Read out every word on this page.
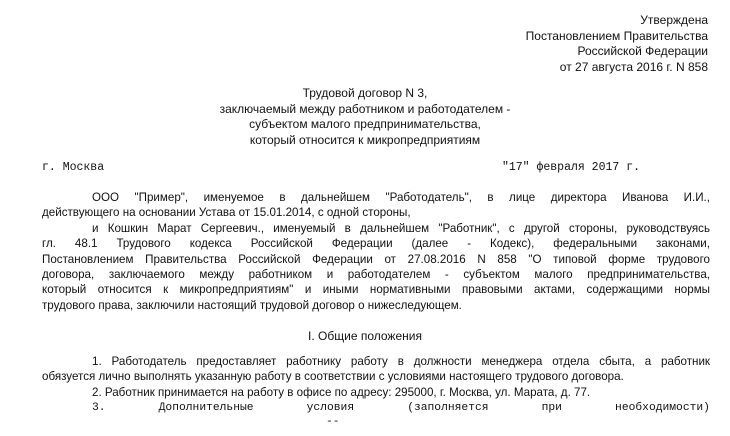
Утверждена
Постановлением Правительства
Российской Федерации
от 27 августа 2016 г. N 858
Трудовой договор N 3,
заключаемый между работником и работодателем -
субъектом малого предпринимательства,
который относится к микропредприятиям
г. Москва	"17" февраля 2017 г.
ООО "Пример", именуемое в дальнейшем "Работодатель", в лице директора Иванова И.И.,
действующего на основании Устава от 15.01.2014, с одной стороны,
и Кошкин Марат Сергеевич., именуемый в дальнейшем "Работник", с другой стороны, руководствуясь
гл. 48.1 Трудового кодекса Российской Федерации (далее - Кодекс), федеральными законами,
Постановлением Правительства Российской Федерации от 27.08.2016 N 858 "О типовой форме трудового
договора, заключаемого между работником и работодателем - субъектом малого предпринимательства,
который относится к микропредприятиям" и иными нормативными правовыми актами, содержащими нормы
трудового права, заключили настоящий трудовой договор о нижеследующем.
I. Общие положения
1. Работодатель предоставляет работнику работу в должности менеджера отдела сбыта, а работник
обязуется лично выполнять указанную работу в соответствии с условиями настоящего трудового договора.
2. Работник принимается на работу в офисе по адресу: 295000, г. Москва, ул. Марата, д. 77.
3.	Дополнительные	условия	(заполняется	при	необходимости)
--
